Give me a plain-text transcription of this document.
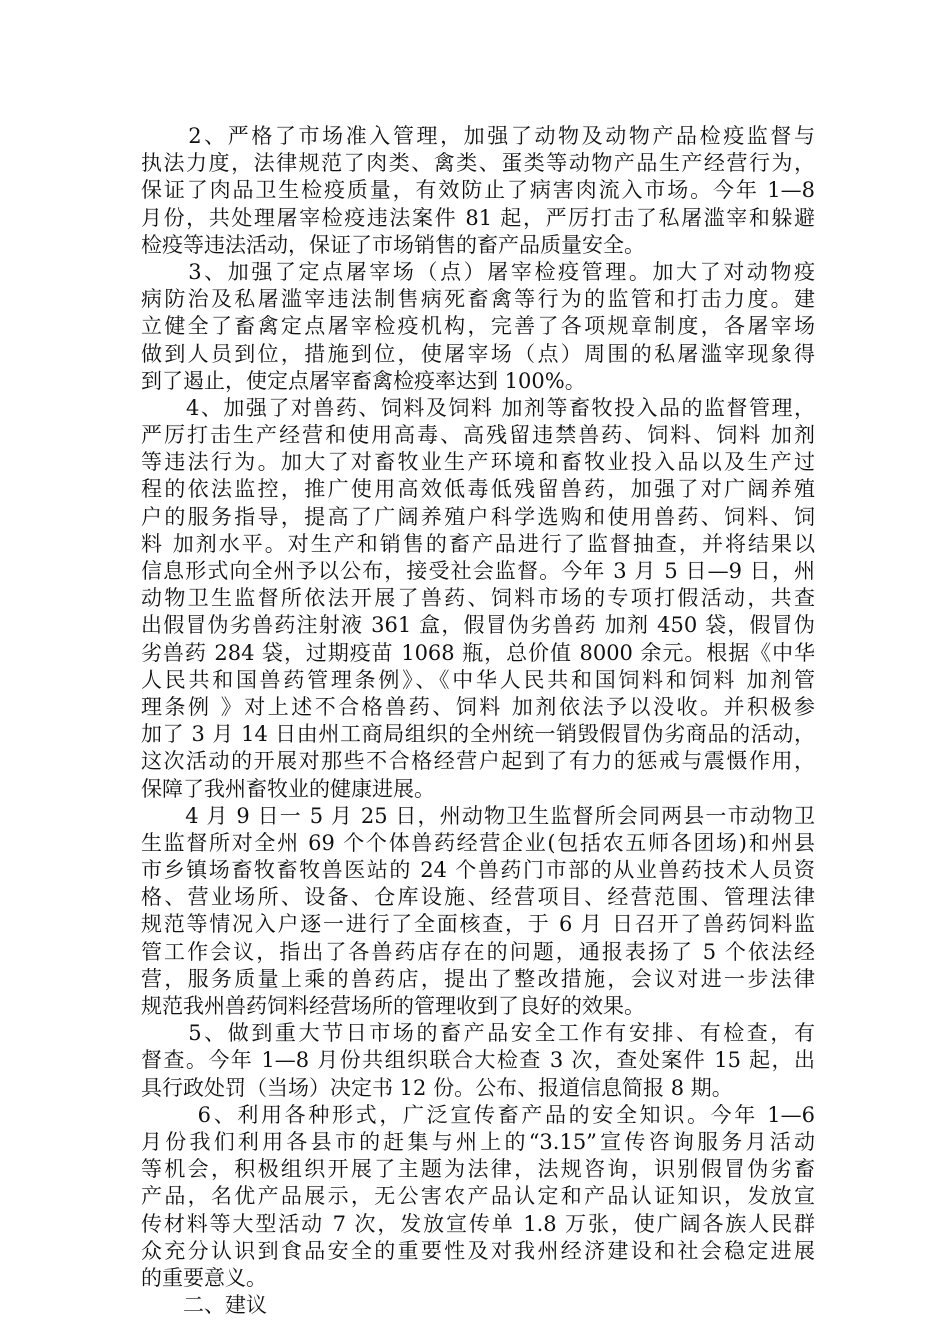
　　2、严格了市场准入管理，加强了动物及动物产品检疫监督与
执法力度，法律规范了肉类、禽类、蛋类等动物产品生产经营行为，
保证了肉品卫生检疫质量，有效防止了病害肉流入市场。今年 1—8
月份，共处理屠宰检疫违法案件 81 起，严厉打击了私屠滥宰和躲避
检疫等违法活动，保证了市场销售的畜产品质量安全。
　　3、加强了定点屠宰场（点）屠宰检疫管理。加大了对动物疫
病防治及私屠滥宰违法制售病死畜禽等行为的监管和打击力度。建
立健全了畜禽定点屠宰检疫机构，完善了各项规章制度，各屠宰场
做到人员到位，措施到位，使屠宰场（点）周围的私屠滥宰现象得
到了遏止，使定点屠宰畜禽检疫率达到 100%。
　　4、加强了对兽药、饲料及饲料 加剂等畜牧投入品的监督管理，
严厉打击生产经营和使用高毒、高残留违禁兽药、饲料、饲料 加剂
等违法行为。加大了对畜牧业生产环境和畜牧业投入品以及生产过
程的依法监控，推广使用高效低毒低残留兽药，加强了对广阔养殖
户的服务指导，提高了广阔养殖户科学选购和使用兽药、饲料、饲
料 加剂水平。对生产和销售的畜产品进行了监督抽查，并将结果以
信息形式向全州予以公布，接受社会监督。今年 3 月 5 日—9 日，州
动物卫生监督所依法开展了兽药、饲料市场的专项打假活动，共查
出假冒伪劣兽药注射液 361 盒，假冒伪劣兽药 加剂 450 袋，假冒伪
劣兽药 284 袋，过期疫苗 1068 瓶，总价值 8000 余元。根据《中华
人民共和国兽药管理条例》、《中华人民共和国饲料和饲料 加剂管
理条例 》对上述不合格兽药、饲料 加剂依法予以没收。并积极参
加了 3 月 14 日由州工商局组织的全州统一销毁假冒伪劣商品的活动，
这次活动的开展对那些不合格经营户起到了有力的惩戒与震慑作用，
保障了我州畜牧业的健康进展。
　　4 月 9 日一 5 月 25 日，州动物卫生监督所会同两县一市动物卫
生监督所对全州 69 个个体兽药经营企业(包括农五师各团场)和州县
市乡镇场畜牧畜牧兽医站的 24 个兽药门市部的从业兽药技术人员资
格、营业场所、设备、仓库设施、经营项目、经营范围、管理法律
规范等情况入户逐一进行了全面核查，于 6 月 日召开了兽药饲料监
管工作会议，指出了各兽药店存在的问题，通报表扬了 5 个依法经
营，服务质量上乘的兽药店，提出了整改措施，会议对进一步法律
规范我州兽药饲料经营场所的管理收到了良好的效果。
　　5、做到重大节日市场的畜产品安全工作有安排、有检查，有
督查。今年 1—8 月份共组织联合大检查 3 次，查处案件 15 起，出
具行政处罚（当场）决定书 12 份。公布、报道信息简报 8 期。
　　 6、利用各种形式，广泛宣传畜产品的安全知识。今年 1—6
月份我们利用各县市的赶集与州上的“3.15”宣传咨询服务月活动
等机会，积极组织开展了主题为法律，法规咨询，识别假冒伪劣畜
产品，名优产品展示，无公害农产品认定和产品认证知识，发放宣
传材料等大型活动 7 次，发放宣传单 1.8 万张，使广阔各族人民群
众充分认识到食品安全的重要性及对我州经济建设和社会稳定进展
的重要意义。
　　二、建议
